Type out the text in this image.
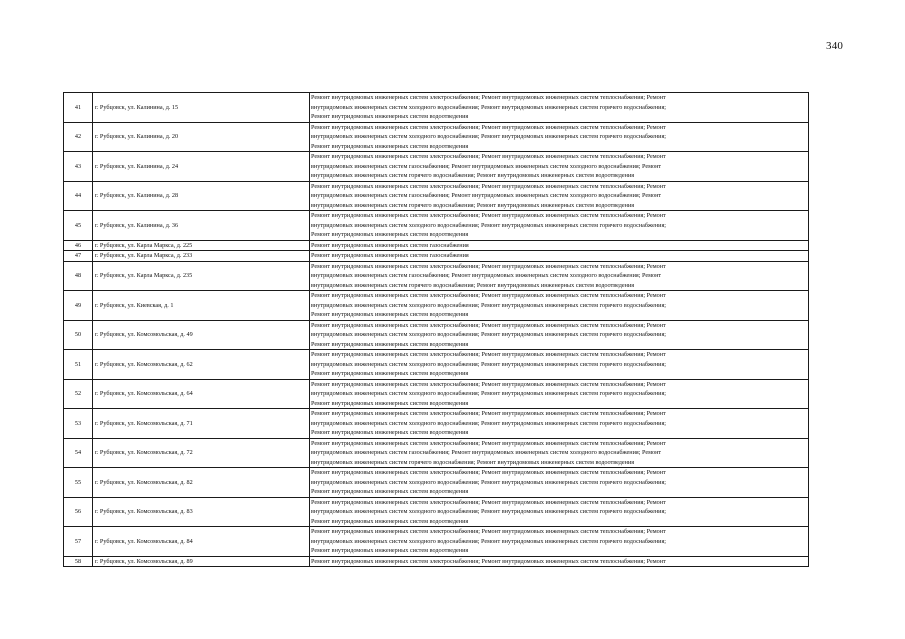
340
41	г. Рубцовск, ул. Калинина, д. 15	Ремонт внутридомовых инженерных систем электроснабжения; Ремонт внутридомовых инженерных систем теплоснабжения; Ремонт
внутридомовых инженерных систем холодного водоснабжения; Ремонт внутридомовых инженерных систем горячего водоснабжения;
Ремонт внутридомовых инженерных систем водоотведения

42	г. Рубцовск, ул. Калинина, д. 20	Ремонт внутридомовых инженерных систем электроснабжения; Ремонт внутридомовых инженерных систем теплоснабжения; Ремонт
внутридомовых инженерных систем холодного водоснабжения; Ремонт внутридомовых инженерных систем горячего водоснабжения;
Ремонт внутридомовых инженерных систем водоотведения

43	г. Рубцовск, ул. Калинина, д. 24	Ремонт внутридомовых инженерных систем электроснабжения; Ремонт внутридомовых инженерных систем теплоснабжения; Ремонт
внутридомовых инженерных систем газоснабжения; Ремонт внутридомовых инженерных систем холодного водоснабжения; Ремонт
внутридомовых инженерных систем горячего водоснабжения; Ремонт внутридомовых инженерных систем водоотведения

44	г. Рубцовск, ул. Калинина, д. 28	Ремонт внутридомовых инженерных систем электроснабжения; Ремонт внутридомовых инженерных систем теплоснабжения; Ремонт
внутридомовых инженерных систем газоснабжения; Ремонт внутридомовых инженерных систем холодного водоснабжения; Ремонт
внутридомовых инженерных систем горячего водоснабжения; Ремонт внутридомовых инженерных систем водоотведения

45	г. Рубцовск, ул. Калинина, д. 36	Ремонт внутридомовых инженерных систем электроснабжения; Ремонт внутридомовых инженерных систем теплоснабжения; Ремонт
внутридомовых инженерных систем холодного водоснабжения; Ремонт внутридомовых инженерных систем горячего водоснабжения;
Ремонт внутридомовых инженерных систем водоотведения

46	г. Рубцовск, ул. Карла Маркса, д. 225	Ремонт внутридомовых инженерных систем газоснабжения

47	г. Рубцовск, ул. Карла Маркса, д. 233	Ремонт внутридомовых инженерных систем газоснабжения

48	г. Рубцовск, ул. Карла Маркса, д. 235	Ремонт внутридомовых инженерных систем электроснабжения; Ремонт внутридомовых инженерных систем теплоснабжения; Ремонт
внутридомовых инженерных систем газоснабжения; Ремонт внутридомовых инженерных систем холодного водоснабжения; Ремонт
внутридомовых инженерных систем горячего водоснабжения; Ремонт внутридомовых инженерных систем водоотведения

49	г. Рубцовск, ул. Киевская, д. 1	Ремонт внутридомовых инженерных систем электроснабжения; Ремонт внутридомовых инженерных систем теплоснабжения; Ремонт
внутридомовых инженерных систем холодного водоснабжения; Ремонт внутридомовых инженерных систем горячего водоснабжения;
Ремонт внутридомовых инженерных систем водоотведения

50	г. Рубцовск, ул. Комсомольская, д. 49	Ремонт внутридомовых инженерных систем электроснабжения; Ремонт внутридомовых инженерных систем теплоснабжения; Ремонт
внутридомовых инженерных систем холодного водоснабжения; Ремонт внутридомовых инженерных систем горячего водоснабжения;
Ремонт внутридомовых инженерных систем водоотведения

51	г. Рубцовск, ул. Комсомольская, д. 62	Ремонт внутридомовых инженерных систем электроснабжения; Ремонт внутридомовых инженерных систем теплоснабжения; Ремонт
внутридомовых инженерных систем холодного водоснабжения; Ремонт внутридомовых инженерных систем горячего водоснабжения;
Ремонт внутридомовых инженерных систем водоотведения

52	г. Рубцовск, ул. Комсомольская, д. 64	Ремонт внутридомовых инженерных систем электроснабжения; Ремонт внутридомовых инженерных систем теплоснабжения; Ремонт
внутридомовых инженерных систем холодного водоснабжения; Ремонт внутридомовых инженерных систем горячего водоснабжения;
Ремонт внутридомовых инженерных систем водоотведения

53	г. Рубцовск, ул. Комсомольская, д. 71	Ремонт внутридомовых инженерных систем электроснабжения; Ремонт внутридомовых инженерных систем теплоснабжения; Ремонт
внутридомовых инженерных систем холодного водоснабжения; Ремонт внутридомовых инженерных систем горячего водоснабжения;
Ремонт внутридомовых инженерных систем водоотведения

54	г. Рубцовск, ул. Комсомольская, д. 72	Ремонт внутридомовых инженерных систем электроснабжения; Ремонт внутридомовых инженерных систем теплоснабжения; Ремонт
внутридомовых инженерных систем газоснабжения; Ремонт внутридомовых инженерных систем холодного водоснабжения; Ремонт
внутридомовых инженерных систем горячего водоснабжения; Ремонт внутридомовых инженерных систем водоотведения

55	г. Рубцовск, ул. Комсомольская, д. 82	Ремонт внутридомовых инженерных систем электроснабжения; Ремонт внутридомовых инженерных систем теплоснабжения; Ремонт
внутридомовых инженерных систем холодного водоснабжения; Ремонт внутридомовых инженерных систем горячего водоснабжения;
Ремонт внутридомовых инженерных систем водоотведения

56	г. Рубцовск, ул. Комсомольская, д. 83	Ремонт внутридомовых инженерных систем электроснабжения; Ремонт внутридомовых инженерных систем теплоснабжения; Ремонт
внутридомовых инженерных систем холодного водоснабжения; Ремонт внутридомовых инженерных систем горячего водоснабжения;
Ремонт внутридомовых инженерных систем водоотведения

57	г. Рубцовск, ул. Комсомольская, д. 84	Ремонт внутридомовых инженерных систем электроснабжения; Ремонт внутридомовых инженерных систем теплоснабжения; Ремонт
внутридомовых инженерных систем холодного водоснабжения; Ремонт внутридомовых инженерных систем горячего водоснабжения;
Ремонт внутридомовых инженерных систем водоотведения

58	г. Рубцовск, ул. Комсомольская, д. 89	Ремонт внутридомовых инженерных систем электроснабжения; Ремонт внутридомовых инженерных систем теплоснабжения; Ремонт
